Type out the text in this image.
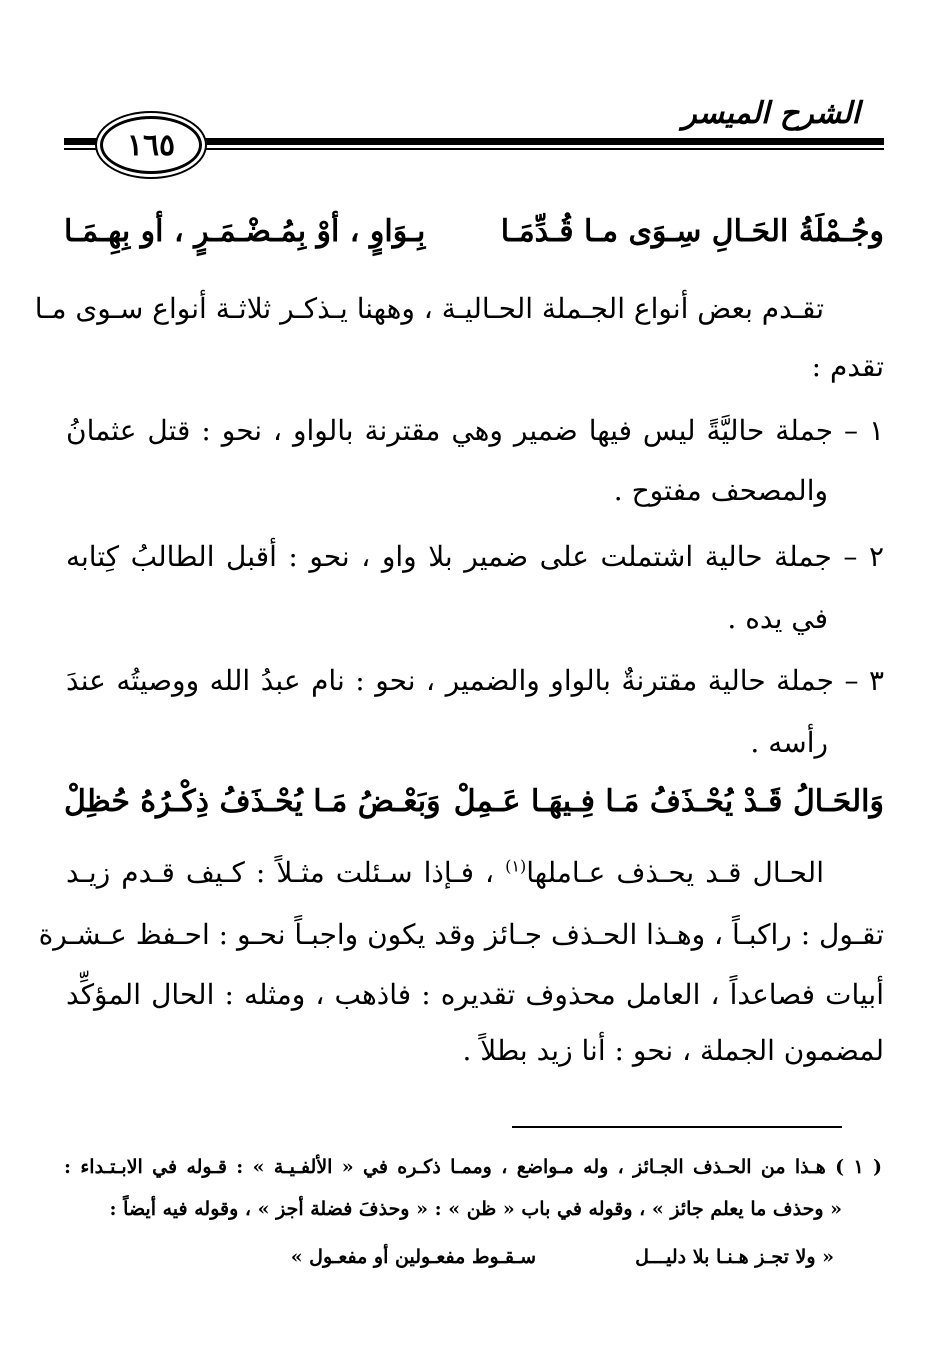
الشرح الميسر
١٦٥
وجُـمْلَةُ الحَـالِ سِـوَى مـا قُـدِّمَـا
بِـوَاوٍ ، أوْ بِمُـضْـمَـرٍ ، أو بِهِـمَـا
تقـدم بعض أنواع الجـملة الحـاليـة ، وههنا يـذكـر ثلاثـة أنواع سـوى مـا
تقدم :
١ – جملة حاليَّةً ليس فيها ضمير وهي مقترنة بالواو ، نحو : قتل عثمانُ
والمصحف مفتوح .
٢ – جملة حالية اشتملت على ضمير بلا واو ، نحو : أقبل الطالبُ كِتابه
في يده .
٣ – جملة حالية مقترنةٌ بالواو والضمير ، نحو : نام عبدُ الله ووصيتُه عندَ
رأسه .
وَالحَـالُ قَـدْ يُحْـذَفُ مَـا فِـيهَـا عَـمِلْ
وَبَعْـضُ مَـا يُحْـذَفُ ذِكْـرُهُ حُظِلْ
الحـال قـد يحـذف عـاملها$^{(١)}$ ، فـإذا سـئلت مثـلاً : كـيف قـدم زيـد
تقـول : راكبـاً ، وهـذا الحـذف جـائز وقد يكون واجبـاً نحـو : احـفظ عـشـرة
أبيات فصاعداً ، العامل محذوف تقديره : فاذهب ، ومثله : الحال المؤكِّد
لمضمون الجملة ، نحو : أنا زيد بطلاً .
( ١ ) هـذا من الحـذف الجـائز ، وله مـواضع ، وممـا ذكـره في « الألفـيـة » : قـوله في الابـتـداء :
« وحذف ما يعلم جائز » ، وقوله في باب « ظن » : « وحذفَ فضلة أجز » ، وقوله فيه أيضاً :
« ولا تجـز هـنـا بلا دليـــل
سـقـوط مفعـولين أو مفعـول »
